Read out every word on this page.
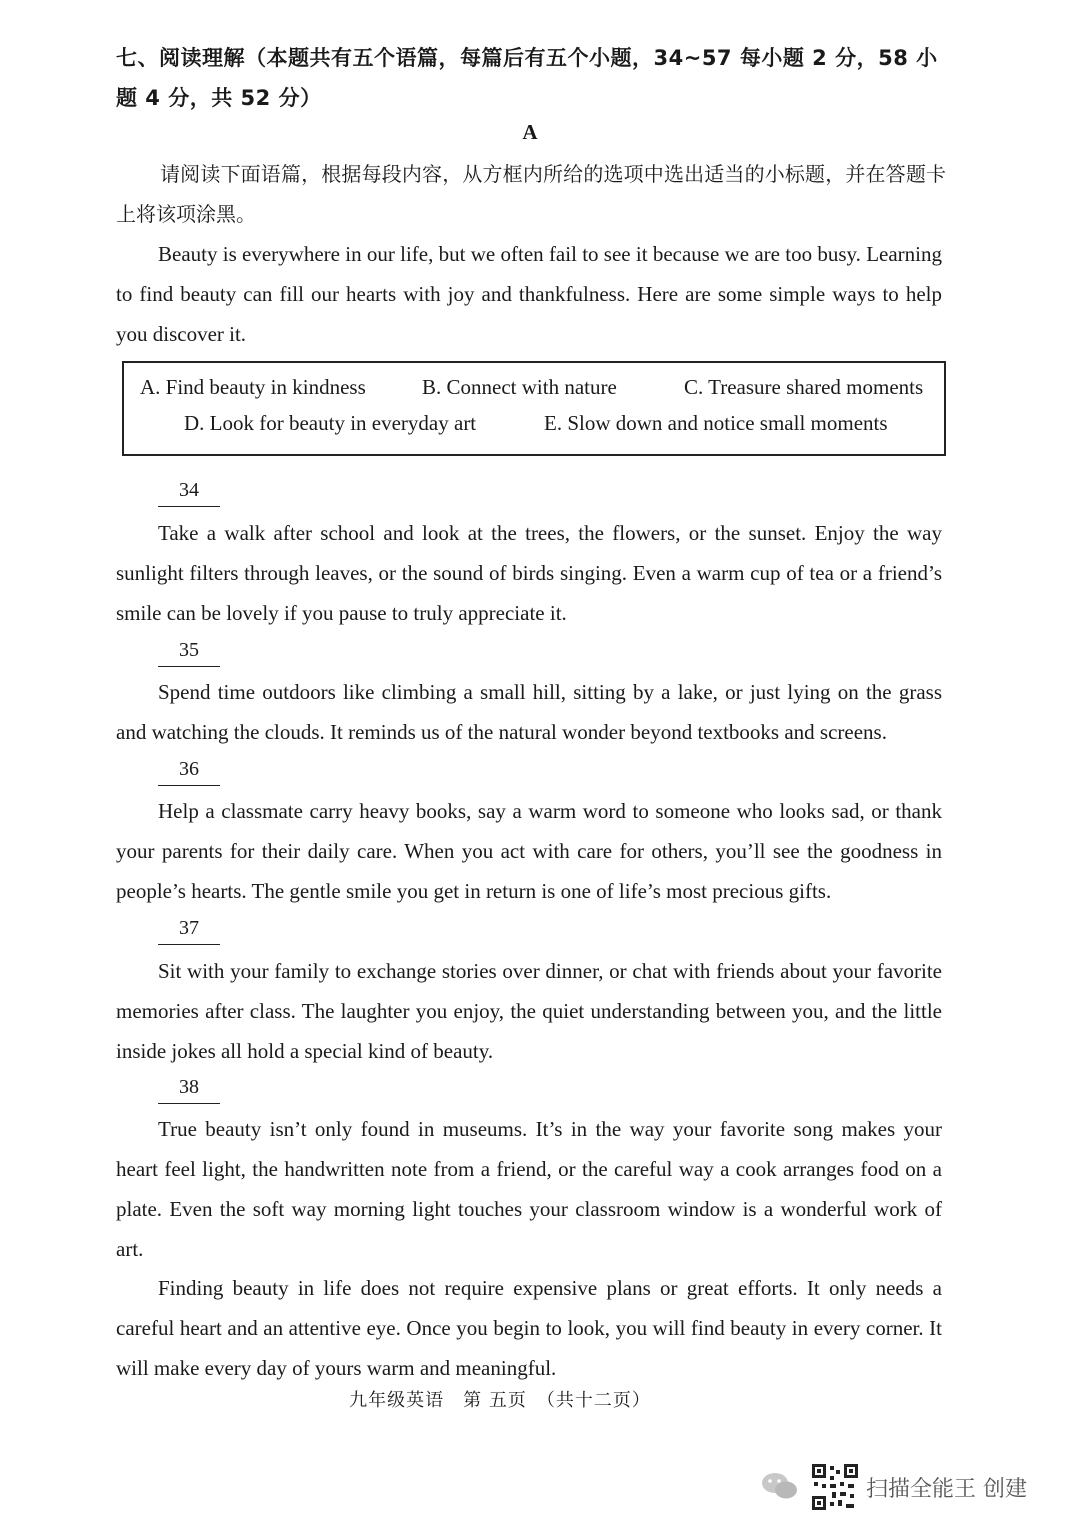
七、阅读理解（本题共有五个语篇，每篇后有五个小题，34~57 每小题 2 分，58 小题 4 分，共 52 分）
A
请阅读下面语篇，根据每段内容，从方框内所给的选项中选出适当的小标题，并在答题卡上将该项涂黑。
Beauty is everywhere in our life, but we often fail to see it because we are too busy. Learning to find beauty can fill our hearts with joy and thankfulness. Here are some simple ways to help you discover it.
A. Find beauty in kindness	B. Connect with nature	C. Treasure shared moments
D. Look for beauty in everyday art	E. Slow down and notice small moments
34
Take a walk after school and look at the trees, the flowers, or the sunset. Enjoy the way sunlight filters through leaves, or the sound of birds singing. Even a warm cup of tea or a friend’s smile can be lovely if you pause to truly appreciate it.
35
Spend time outdoors like climbing a small hill, sitting by a lake, or just lying on the grass and watching the clouds. It reminds us of the natural wonder beyond textbooks and screens.
36
Help a classmate carry heavy books, say a warm word to someone who looks sad, or thank your parents for their daily care. When you act with care for others, you’ll see the goodness in people’s hearts. The gentle smile you get in return is one of life’s most precious gifts.
37
Sit with your family to exchange stories over dinner, or chat with friends about your favorite memories after class. The laughter you enjoy, the quiet understanding between you, and the little inside jokes all hold a special kind of beauty.
38
True beauty isn’t only found in museums. It’s in the way your favorite song makes your heart feel light, the handwritten note from a friend, or the careful way a cook arranges food on a plate. Even the soft way morning light touches your classroom window is a wonderful work of art.
Finding beauty in life does not require expensive plans or great efforts. It only needs a careful heart and an attentive eye. Once you begin to look, you will find beauty in every corner. It will make every day of yours warm and meaningful.
九年级英语　第 五页　（共十二页）
扫描全能王 创建
